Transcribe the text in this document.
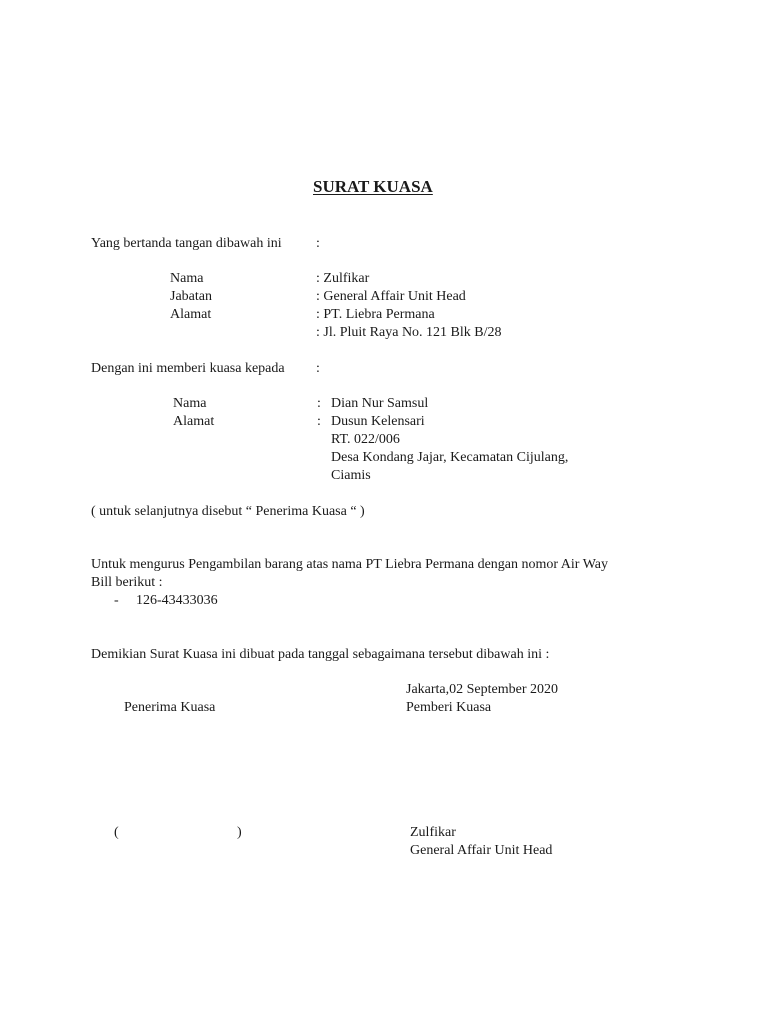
SURAT KUASA
Yang bertanda tangan dibawah ini :
Nama	: Zulfikar
Jabatan	: General Affair Unit Head
Alamat	: PT. Liebra Permana
: Jl. Pluit Raya No. 121 Blk B/28
Dengan ini memberi kuasa kepada :
Nama	: Dian Nur Samsul
Alamat	: Dusun Kelensari
RT. 022/006
Desa Kondang Jajar, Kecamatan Cijulang,
Ciamis
( untuk selanjutnya disebut “ Penerima Kuasa “ )
Untuk mengurus Pengambilan barang atas nama PT Liebra Permana dengan nomor Air Way
Bill berikut :
- 126-43433036
Demikian Surat Kuasa ini dibuat pada tanggal sebagaimana tersebut dibawah ini :
Jakarta,02 September 2020
Penerima Kuasa	Pemberi Kuasa
(	)	Zulfikar
General Affair Unit Head
